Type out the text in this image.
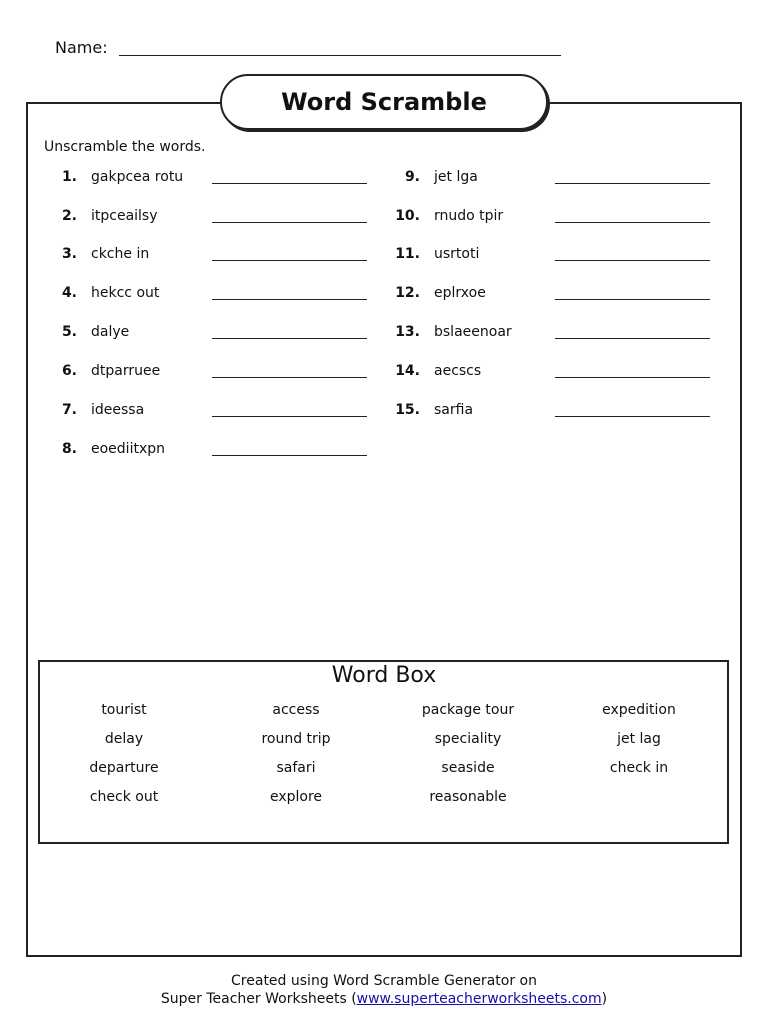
Name:
Word Scramble
Unscramble the words.
1. gakpcea rotu
2. itpceailsy
3. ckche in
4. hekcc out
5. dalye
6. dtparruee
7. ideessa
8. eoediitxpn
9. jet lga
10. rnudo tpir
11. usrtoti
12. eplrxoe
13. bslaeenoar
14. aecscs
15. sarfia
Word Box
tourist	access	package tour	expedition
delay	round trip	speciality	jet lag
departure	safari	seaside	check in
check out	explore	reasonable
Created using Word Scramble Generator on
Super Teacher Worksheets (www.superteacherworksheets.com)
